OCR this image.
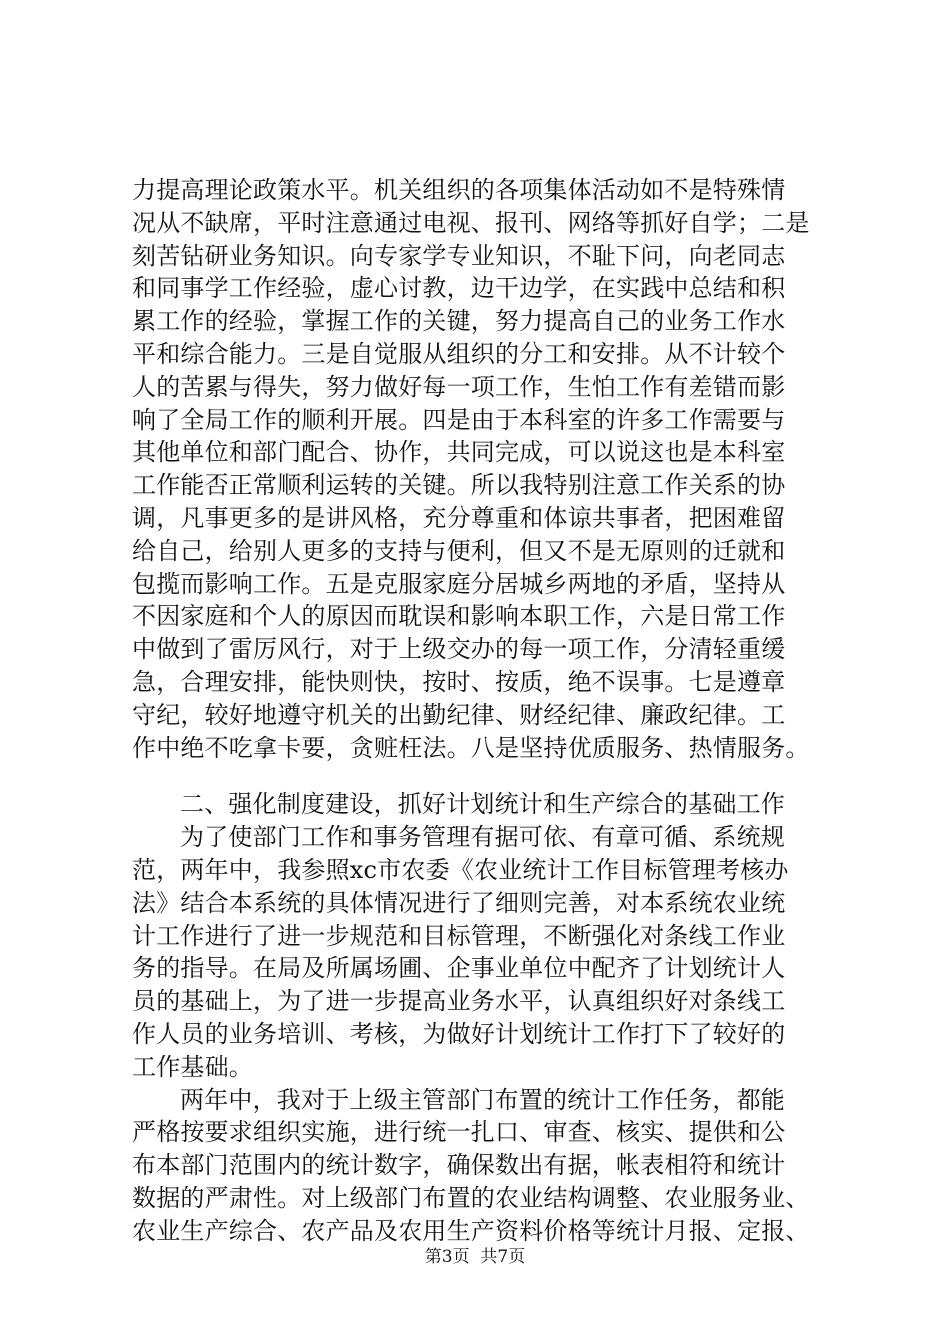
力提高理论政策水平。机关组织的各项集体活动如不是特殊情
况从不缺席，平时注意通过电视、报刊、网络等抓好自学；二是
刻苦钻研业务知识。向专家学专业知识，不耻下问，向老同志
和同事学工作经验，虚心讨教，边干边学，在实践中总结和积
累工作的经验，掌握工作的关键，努力提高自己的业务工作水
平和综合能力。三是自觉服从组织的分工和安排。从不计较个
人的苦累与得失，努力做好每一项工作，生怕工作有差错而影
响了全局工作的顺利开展。四是由于本科室的许多工作需要与
其他单位和部门配合、协作，共同完成，可以说这也是本科室
工作能否正常顺利运转的关键。所以我特别注意工作关系的协
调，凡事更多的是讲风格，充分尊重和体谅共事者，把困难留
给自己，给别人更多的支持与便利，但又不是无原则的迁就和
包揽而影响工作。五是克服家庭分居城乡两地的矛盾，坚持从
不因家庭和个人的原因而耽误和影响本职工作，六是日常工作
中做到了雷厉风行，对于上级交办的每一项工作，分清轻重缓
急，合理安排，能快则快，按时、按质，绝不误事。七是遵章
守纪，较好地遵守机关的出勤纪律、财经纪律、廉政纪律。工
作中绝不吃拿卡要，贪赃枉法。八是坚持优质服务、热情服务。
二、强化制度建设，抓好计划统计和生产综合的基础工作
为了使部门工作和事务管理有据可依、有章可循、系统规
范，两年中，我参照xc市农委《农业统计工作目标管理考核办
法》结合本系统的具体情况进行了细则完善，对本系统农业统
计工作进行了进一步规范和目标管理，不断强化对条线工作业
务的指导。在局及所属场圃、企事业单位中配齐了计划统计人
员的基础上，为了进一步提高业务水平，认真组织好对条线工
作人员的业务培训、考核，为做好计划统计工作打下了较好的
工作基础。
两年中，我对于上级主管部门布置的统计工作任务，都能
严格按要求组织实施，进行统一扎口、审查、核实、提供和公
布本部门范围内的统计数字，确保数出有据，帐表相符和统计
数据的严肃性。对上级部门布置的农业结构调整、农业服务业、
农业生产综合、农产品及农用生产资料价格等统计月报、定报、
第3页  共7页
